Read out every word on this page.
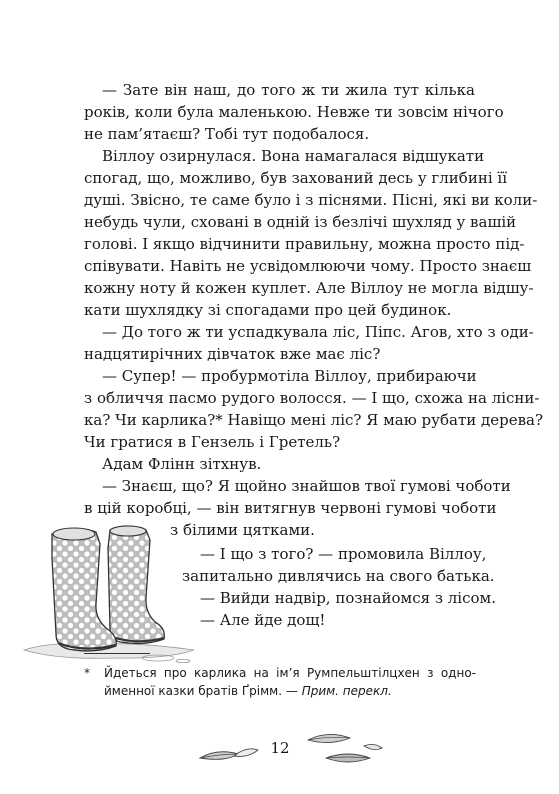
— Зате він наш, до того ж ти жила тут кілька

років, коли була маленькою. Невже ти зовсім нічого

не пам’ятаєш? Тобі тут подобалося.

Віллоу озирнулася. Вона намагалася відшукати

спогад, що, можливо, був захований десь у глибині її

душі. Звісно, те саме було і з піснями. Пісні, які ви коли-

небудь чули, сховані в одній із безлічі шухляд у вашій

голові. І якщо відчинити правильну, можна просто під-

співувати. Навіть не усвідомлюючи чому. Просто знаєш

кожну ноту й кожен куплет. Але Віллоу не могла відшу-

кати шухлядку зі спогадами про цей будинок.

— До того ж ти успадкувала ліс, Піпс. Агов, хто з оди-

надцятирічних дівчаток вже має ліс?

— Супер! — пробурмотіла Віллоу, прибираючи

з обличчя пасмо рудого волосся. — І що, схожа на лісни-

ка? Чи карлика?* Навіщо мені ліс? Я маю рубати дерева?

Чи гратися в Гензель і Гретель?

Адам Флінн зітхнув.

— Знаєш, що? Я щойно знайшов твої гумові чоботи

в цій коробці, — він витягнув червоні гумові чоботи

з білими цятками.

— І що з того? — промовила Віллоу,

запитально дивлячись на свого батька.

— Вийди надвір, познайомся з лісом.

— Але йде дощ!

* Йдеться про карлика на ім’я Румпельштілцхен з одно-
йменної казки братів Ґрімм. — Прим. перекл.
12
